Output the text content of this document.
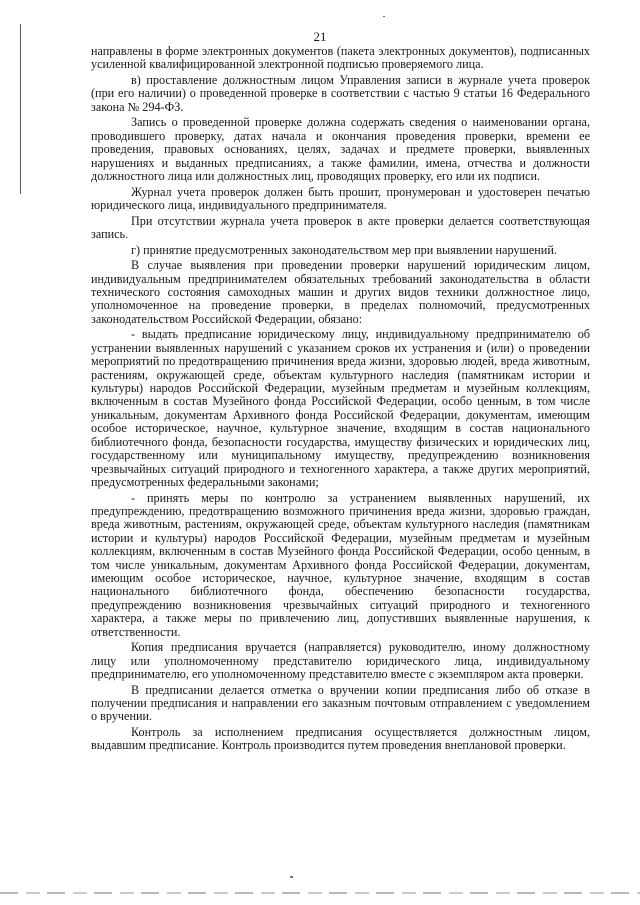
21

направлены в форме электронных документов (пакета электронных документов), подписанных усиленной квалифицированной электронной подписью проверяемого лица.

в) проставление должностным лицом Управления записи в журнале учета проверок (при его наличии) о проведенной проверке в соответствии с частью 9 статьи 16 Федерального закона № 294-ФЗ.

Запись о проведенной проверке должна содержать сведения о наименовании органа, проводившего проверку, датах начала и окончания проведения проверки, времени ее проведения, правовых основаниях, целях, задачах и предмете проверки, выявленных нарушениях и выданных предписаниях, а также фамилии, имена, отчества и должности должностного лица или должностных лиц, проводящих проверку, его или их подписи.

Журнал учета проверок должен быть прошит, пронумерован и удостоверен печатью юридического лица, индивидуального предпринимателя.

При отсутствии журнала учета проверок в акте проверки делается соответствующая запись.

г) принятие предусмотренных законодательством мер при выявлении нарушений.

В случае выявления при проведении проверки нарушений юридическим лицом, индивидуальным предпринимателем обязательных требований законодательства в области технического состояния самоходных машин и других видов техники должностное лицо, уполномоченное на проведение проверки, в пределах полномочий, предусмотренных законодательством Российской Федерации, обязано:

- выдать предписание юридическому лицу, индивидуальному предпринимателю об устранении выявленных нарушений с указанием сроков их устранения и (или) о проведении мероприятий по предотвращению причинения вреда жизни, здоровью людей, вреда животным, растениям, окружающей среде, объектам культурного наследия (памятникам истории и культуры) народов Российской Федерации, музейным предметам и музейным коллекциям, включенным в состав Музейного фонда Российской Федерации, особо ценным, в том числе уникальным, документам Архивного фонда Российской Федерации, документам, имеющим особое историческое, научное, культурное значение, входящим в состав национального библиотечного фонда, безопасности государства, имуществу физических и юридических лиц, государственному или муниципальному имуществу, предупреждению возникновения чрезвычайных ситуаций природного и техногенного характера, а также других мероприятий, предусмотренных федеральными законами;

- принять меры по контролю за устранением выявленных нарушений, их предупреждению, предотвращению возможного причинения вреда жизни, здоровью граждан, вреда животным, растениям, окружающей среде, объектам культурного наследия (памятникам истории и культуры) народов Российской Федерации, музейным предметам и музейным коллекциям, включенным в состав Музейного фонда Российской Федерации, особо ценным, в том числе уникальным, документам Архивного фонда Российской Федерации, документам, имеющим особое историческое, научное, культурное значение, входящим в состав национального библиотечного фонда, обеспечению безопасности государства, предупреждению возникновения чрезвычайных ситуаций природного и техногенного характера, а также меры по привлечению лиц, допустивших выявленные нарушения, к ответственности.

Копия предписания вручается (направляется) руководителю, иному должностному лицу или уполномоченному представителю юридического лица, индивидуальному предпринимателю, его уполномоченному представителю вместе с экземпляром акта проверки.

В предписании делается отметка о вручении копии предписания либо об отказе в получении предписания и направлении его заказным почтовым отправлением с уведомлением о вручении.

Контроль за исполнением предписания осуществляется должностным лицом, выдавшим предписание. Контроль производится путем проведения внеплановой проверки.
